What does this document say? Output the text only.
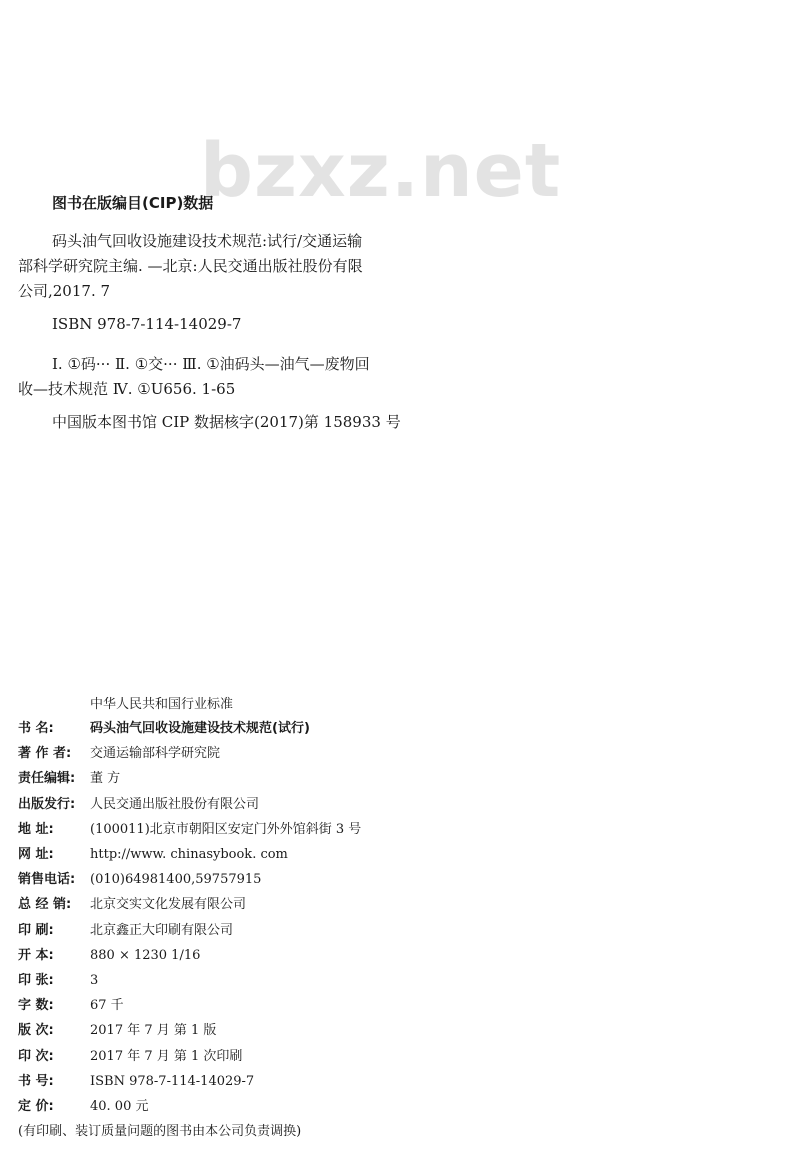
bzxz.net
图书在版编目(CIP)数据

码头油气回收设施建设技术规范:试行/交通运输

部科学研究院主编. —北京:人民交通出版社股份有限

公司,2017. 7

ISBN 978-7-114-14029-7

Ⅰ. ①码··· Ⅱ. ①交··· Ⅲ. ①油码头—油气—废物回

收—技术规范 Ⅳ. ①U656. 1-65

中国版本图书馆 CIP 数据核字(2017)第 158933 号

中华人民共和国行业标准
书 名:	码头油气回收设施建设技术规范(试行)
著 作 者:	交通运输部科学研究院
责任编辑:	董 方
出版发行:	人民交通出版社股份有限公司
地 址:	(100011)北京市朝阳区安定门外外馆斜街 3 号
网 址:	http://www. chinasybook. com
销售电话:	(010)64981400,59757915
总 经 销:	北京交实文化发展有限公司
印 刷:	北京鑫正大印刷有限公司
开 本:	880 × 1230 1/16
印 张:	3
字 数:	67 千
版 次:	2017 年 7 月 第 1 版
印 次:	2017 年 7 月 第 1 次印刷
书 号:	ISBN 978-7-114-14029-7
定 价:	40. 00 元
(有印刷、装订质量问题的图书由本公司负责调换)
